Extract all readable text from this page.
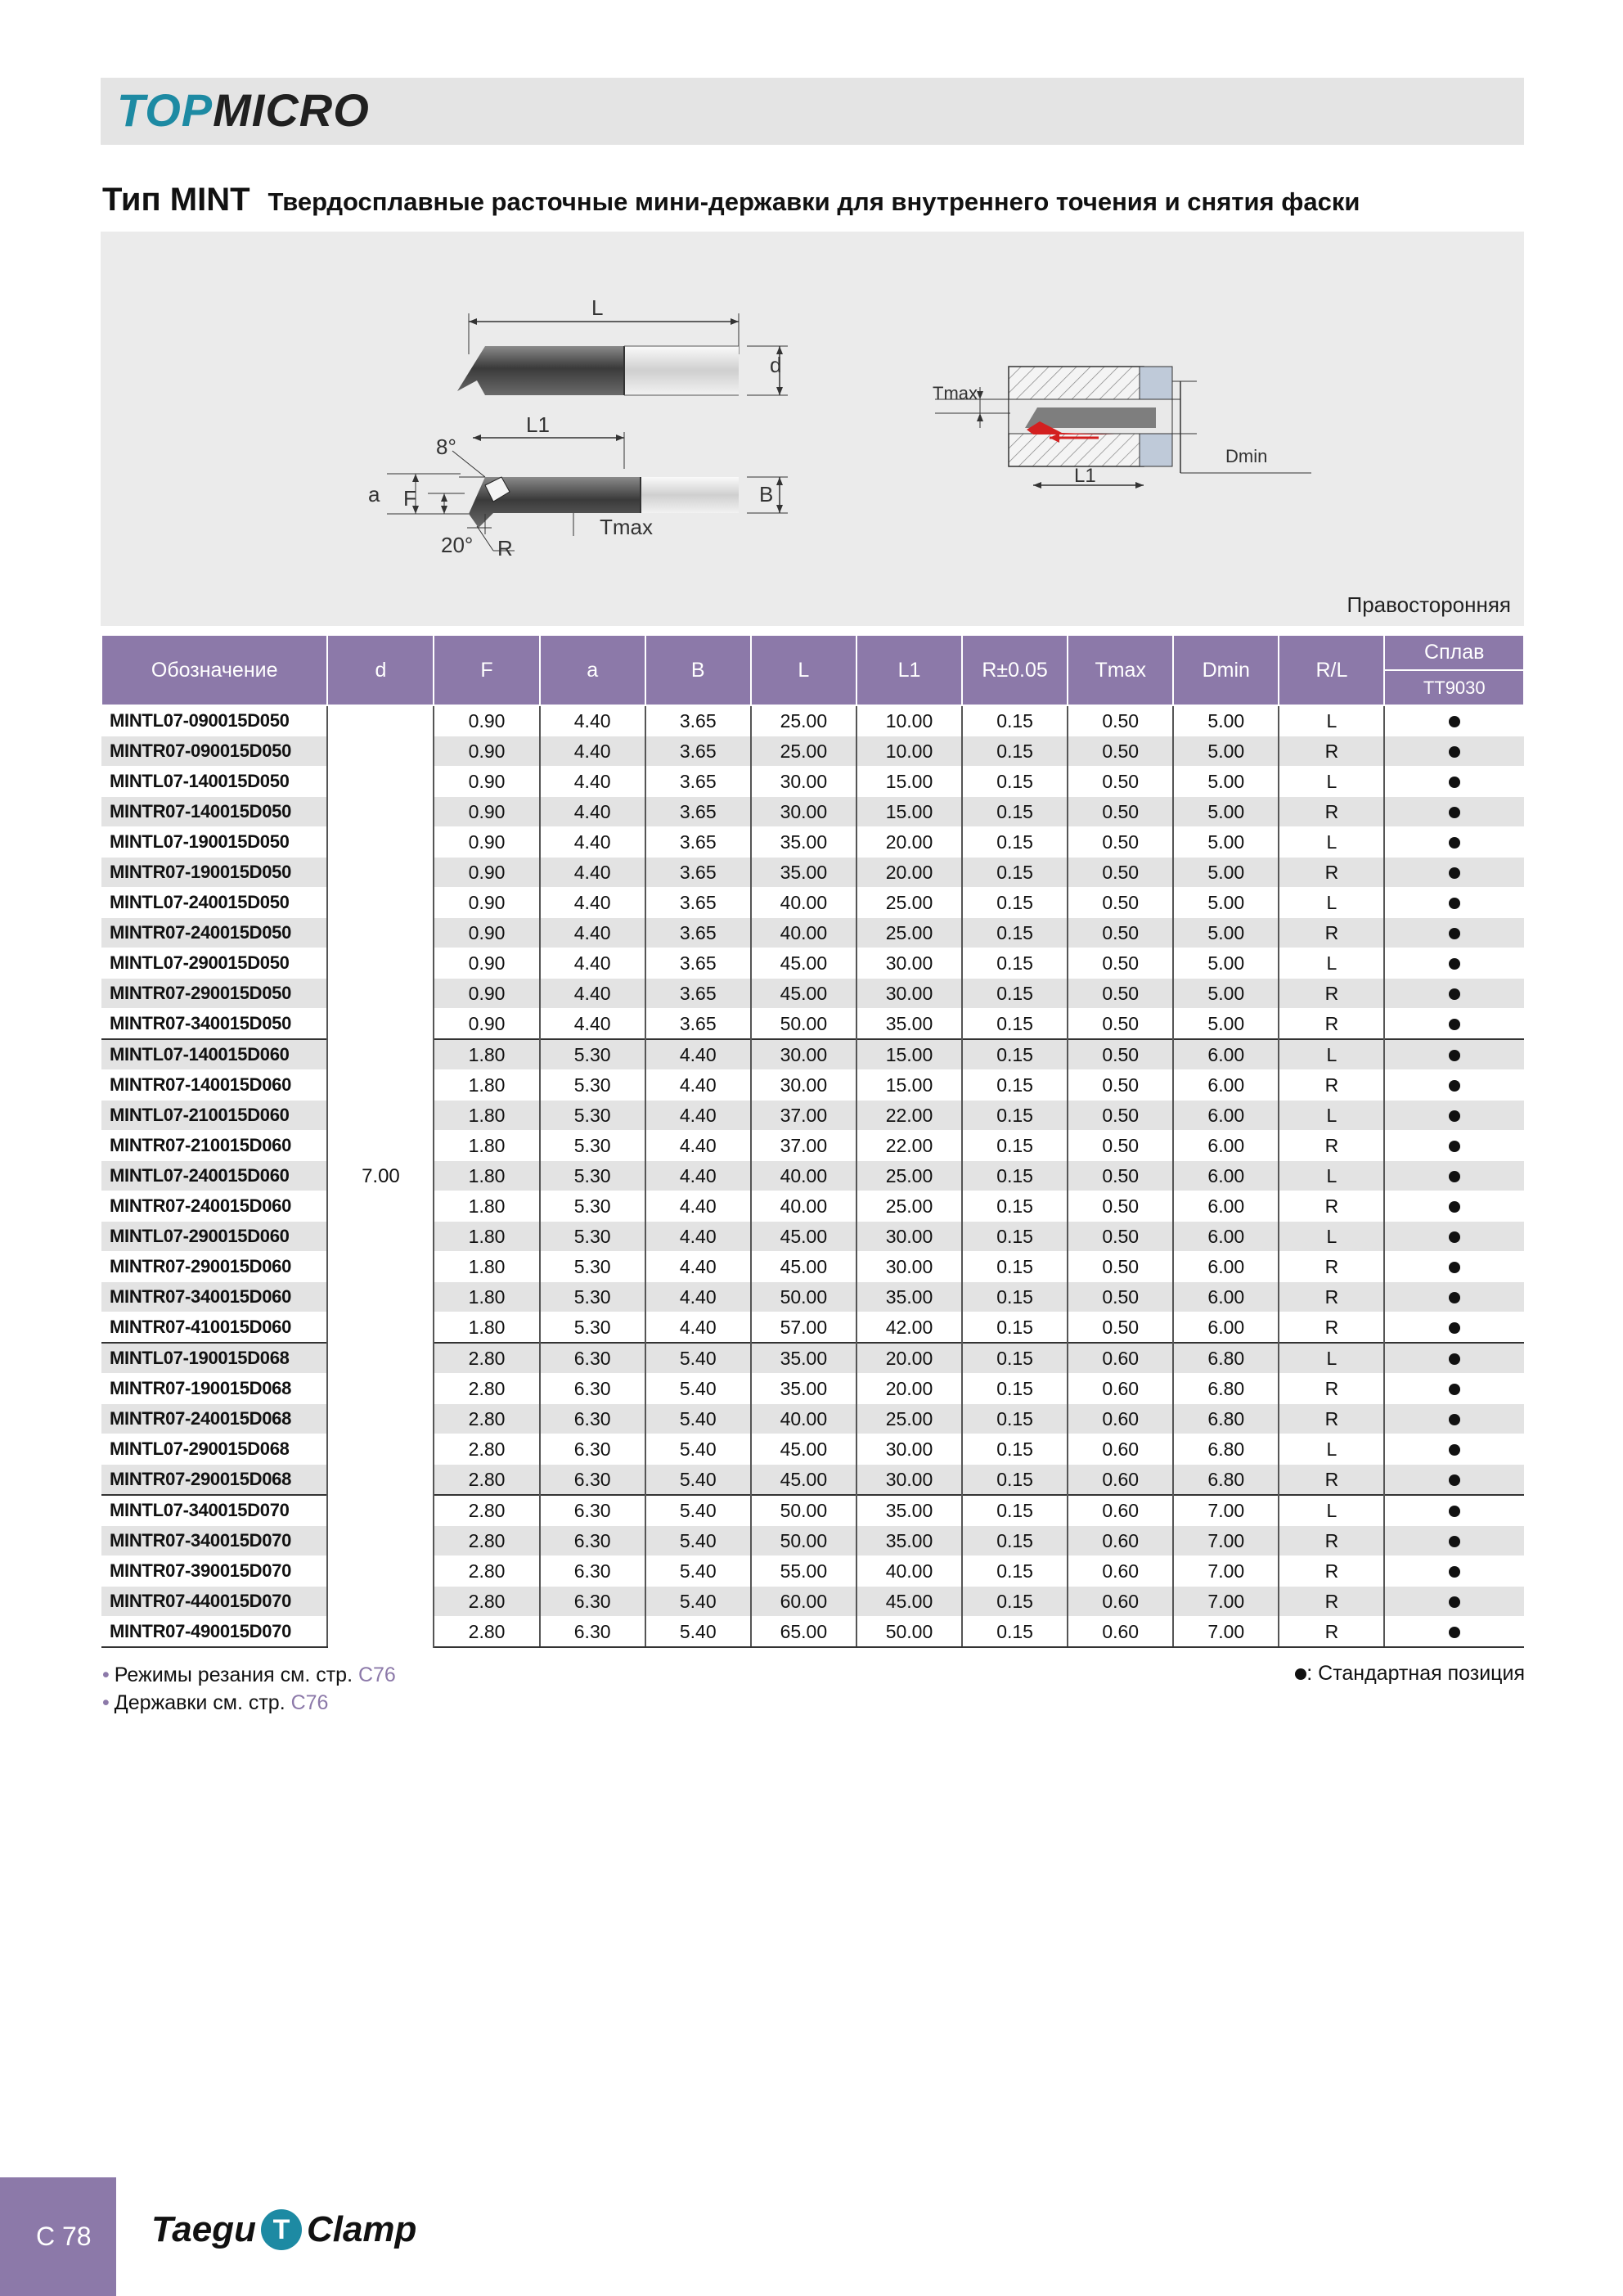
TOPMICRO
Тип MINT Твердосплавные расточные мини-державки для внутреннего точения и снятия фаски
L
d
L1
8°
a F	B
Tmax
20° R
Tmax
Dmin
L1
Правосторонняя
Обозначение	d	F	a	B	L	L1	R±0.05	Tmax	Dmin	R/L	Сплав
											TT9030
MINTL07-090015D050	7.00	0.90	4.40	3.65	25.00	10.00	0.15	0.50	5.00	L	
MINTR07-090015D050		0.90	4.40	3.65	25.00	10.00	0.15	0.50	5.00	R	
MINTL07-140015D050		0.90	4.40	3.65	30.00	15.00	0.15	0.50	5.00	L	
MINTR07-140015D050		0.90	4.40	3.65	30.00	15.00	0.15	0.50	5.00	R	
MINTL07-190015D050		0.90	4.40	3.65	35.00	20.00	0.15	0.50	5.00	L	
MINTR07-190015D050		0.90	4.40	3.65	35.00	20.00	0.15	0.50	5.00	R	
MINTL07-240015D050		0.90	4.40	3.65	40.00	25.00	0.15	0.50	5.00	L	
MINTR07-240015D050		0.90	4.40	3.65	40.00	25.00	0.15	0.50	5.00	R	
MINTL07-290015D050		0.90	4.40	3.65	45.00	30.00	0.15	0.50	5.00	L	
MINTR07-290015D050		0.90	4.40	3.65	45.00	30.00	0.15	0.50	5.00	R	
MINTR07-340015D050		0.90	4.40	3.65	50.00	35.00	0.15	0.50	5.00	R	
MINTL07-140015D060		1.80	5.30	4.40	30.00	15.00	0.15	0.50	6.00	L	
MINTR07-140015D060		1.80	5.30	4.40	30.00	15.00	0.15	0.50	6.00	R	
MINTL07-210015D060		1.80	5.30	4.40	37.00	22.00	0.15	0.50	6.00	L	
MINTR07-210015D060		1.80	5.30	4.40	37.00	22.00	0.15	0.50	6.00	R	
MINTL07-240015D060		1.80	5.30	4.40	40.00	25.00	0.15	0.50	6.00	L	
MINTR07-240015D060		1.80	5.30	4.40	40.00	25.00	0.15	0.50	6.00	R	
MINTL07-290015D060		1.80	5.30	4.40	45.00	30.00	0.15	0.50	6.00	L	
MINTR07-290015D060		1.80	5.30	4.40	45.00	30.00	0.15	0.50	6.00	R	
MINTR07-340015D060		1.80	5.30	4.40	50.00	35.00	0.15	0.50	6.00	R	
MINTR07-410015D060		1.80	5.30	4.40	57.00	42.00	0.15	0.50	6.00	R	
MINTL07-190015D068		2.80	6.30	5.40	35.00	20.00	0.15	0.60	6.80	L	
MINTR07-190015D068		2.80	6.30	5.40	35.00	20.00	0.15	0.60	6.80	R	
MINTR07-240015D068		2.80	6.30	5.40	40.00	25.00	0.15	0.60	6.80	R	
MINTL07-290015D068		2.80	6.30	5.40	45.00	30.00	0.15	0.60	6.80	L	
MINTR07-290015D068		2.80	6.30	5.40	45.00	30.00	0.15	0.60	6.80	R	
MINTL07-340015D070		2.80	6.30	5.40	50.00	35.00	0.15	0.60	7.00	L	
MINTR07-340015D070		2.80	6.30	5.40	50.00	35.00	0.15	0.60	7.00	R	
MINTR07-390015D070		2.80	6.30	5.40	55.00	40.00	0.15	0.60	7.00	R	
MINTR07-440015D070		2.80	6.30	5.40	60.00	45.00	0.15	0.60	7.00	R	
MINTR07-490015D070		2.80	6.30	5.40	65.00	50.00	0.15	0.60	7.00	R	
• Режимы резания см. стр. C76
• Державки см. стр. C76
: Стандартная позиция
C 78 Taegu T Clamp
